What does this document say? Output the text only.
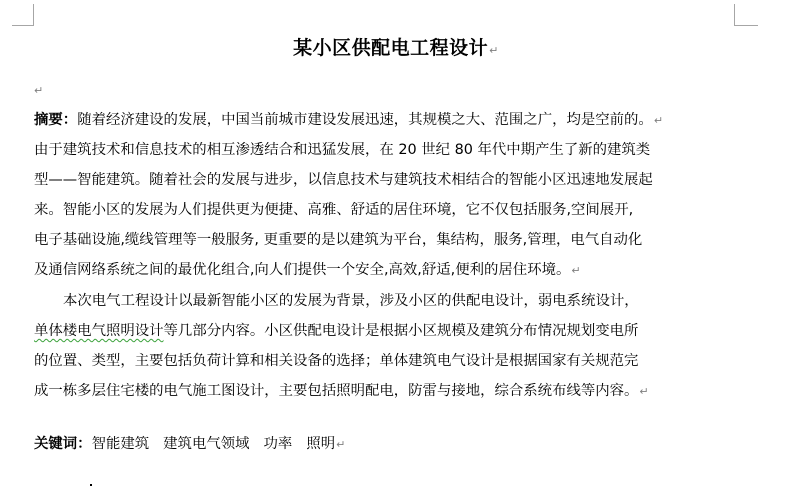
某小区供配电工程设计↵
↵
摘要：随着经济建设的发展，中国当前城市建设发展迅速，其规模之大、范围之广，均是空前的。↵
由于建筑技术和信息技术的相互渗透结合和迅猛发展，在 20 世纪 80 年代中期产生了新的建筑类
型——智能建筑。随着社会的发展与进步，以信息技术与建筑技术相结合的智能小区迅速地发展起
来。智能小区的发展为人们提供更为便捷、高雅、舒适的居住环境，它不仅包括服务,空间展开,
电子基础设施,缆线管理等一般服务, 更重要的是以建筑为平台，集结构，服务,管理，电气自动化
及通信网络系统之间的最优化组合,向人们提供一个安全,高效,舒适,便利的居住环境。↵
本次电气工程设计以最新智能小区的发展为背景，涉及小区的供配电设计，弱电系统设计，
单体楼电气照明设计等几部分内容。小区供配电设计是根据小区规模及建筑分布情况规划变电所
的位置、类型，主要包括负荷计算和相关设备的选择；单体建筑电气设计是根据国家有关规范完
成一栋多层住宅楼的电气施工图设计，主要包括照明配电，防雷与接地，综合系统布线等内容。↵
关键词：智能建筑 建筑电气领域 功率 照明↵
